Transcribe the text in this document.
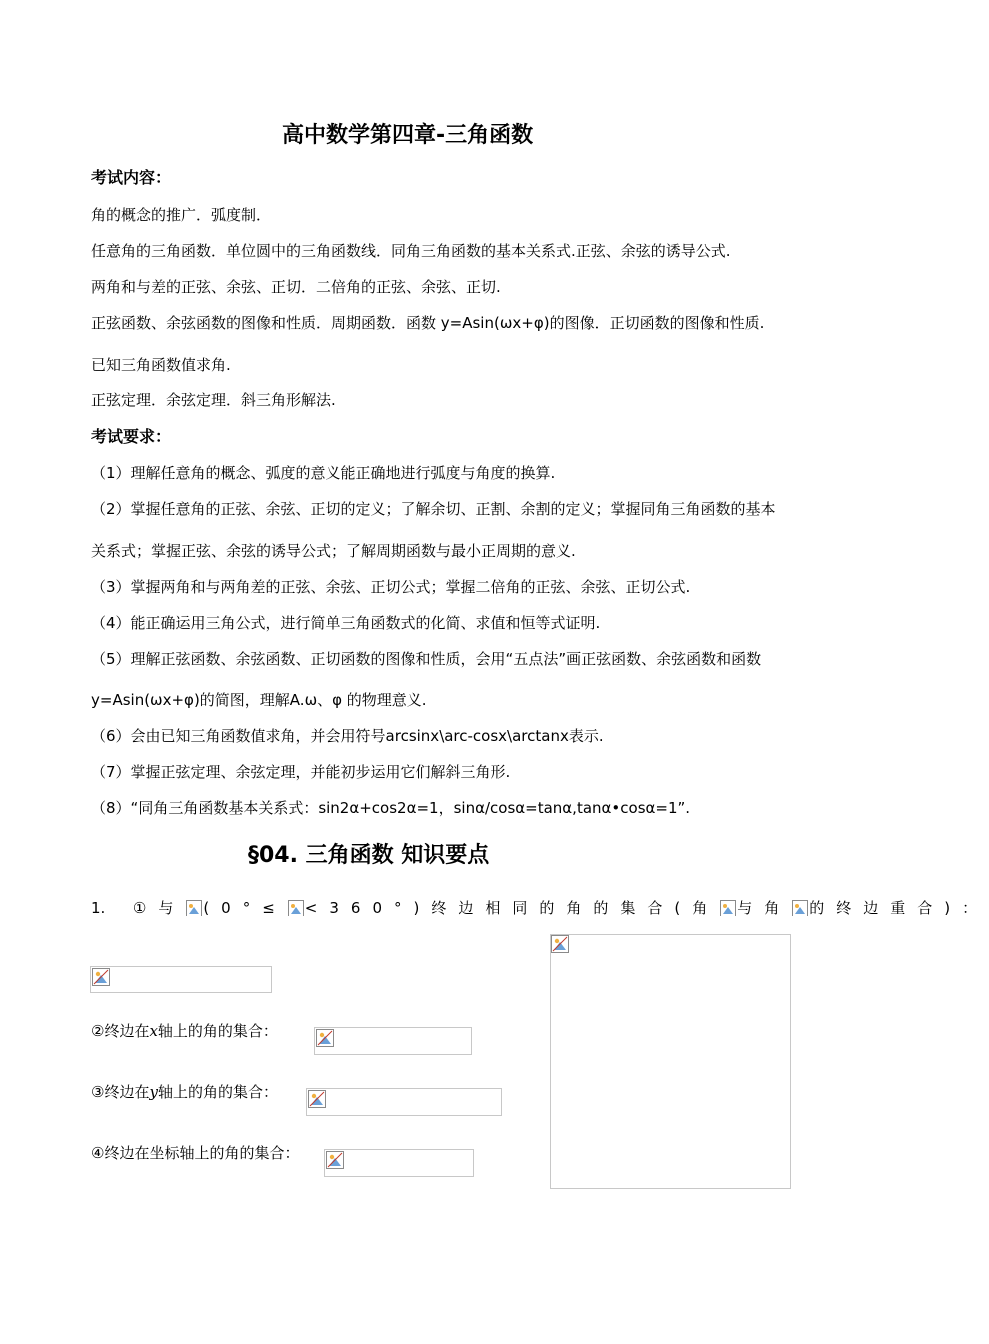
高中数学第四章-三角函数
考试内容：
角的概念的推广．弧度制．
任意角的三角函数．单位圆中的三角函数线．同角三角函数的基本关系式.正弦、余弦的诱导公式.
两角和与差的正弦、余弦、正切．二倍角的正弦、余弦、正切.
正弦函数、余弦函数的图像和性质．周期函数．函数 y=Asin(ωx+φ)的图像．正切函数的图像和性质.
已知三角函数值求角.
正弦定理．余弦定理．斜三角形解法.
考试要求：
（1）理解任意角的概念、弧度的意义能正确地进行弧度与角度的换算.
（2）掌握任意角的正弦、余弦、正切的定义；了解余切、正割、余割的定义；掌握同角三角函数的基本
关系式；掌握正弦、余弦的诱导公式；了解周期函数与最小正周期的意义.
（3）掌握两角和与两角差的正弦、余弦、正切公式；掌握二倍角的正弦、余弦、正切公式.
（4）能正确运用三角公式，进行简单三角函数式的化简、求值和恒等式证明.
（5）理解正弦函数、余弦函数、正切函数的图像和性质，会用“五点法”画正弦函数、余弦函数和函数
y=Asin(ωx+φ)的简图，理解A.ω、φ 的物理意义.
（6）会由已知三角函数值求角，并会用符号arcsinx\arc-cosx\arctanx表示.
（7）掌握正弦定理、余弦定理，并能初步运用它们解斜三角形.
（8）“同角三角函数基本关系式：sin2α+cos2α=1，sinα/cosα=tanα,tanα•cosα=1”.
§04. 三角函数 知识要点
1. ①与 (0°≤ <360°)终边相同的角的集合(角 与角 的终边重合)：
②终边在x轴上的角的集合：
③终边在y轴上的角的集合：
④终边在坐标轴上的角的集合：
